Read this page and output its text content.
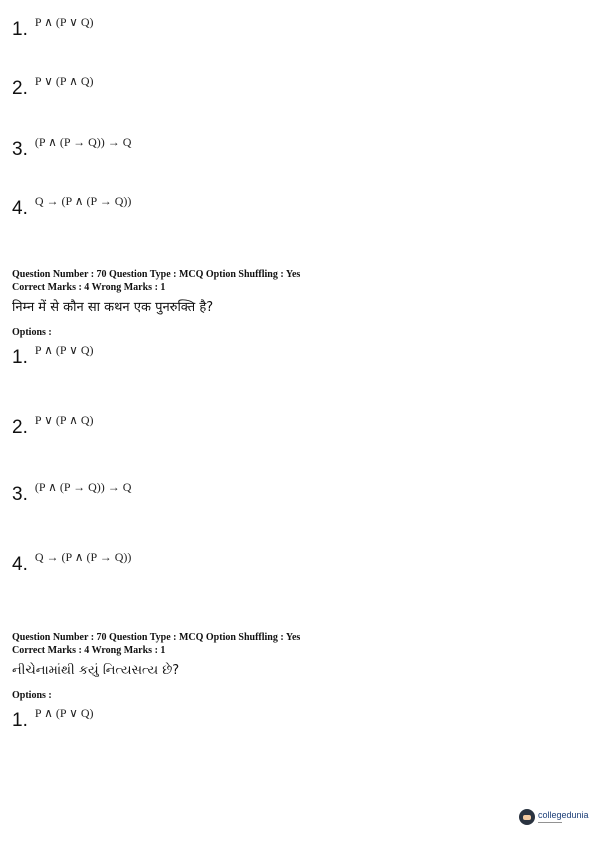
1. P ∧ (P ∨ Q)
2. P ∨ (P ∧ Q)
3. (P ∧ (P → Q)) → Q
4. Q → (P ∧ (P → Q))
Question Number : 70 Question Type : MCQ Option Shuffling : Yes
Correct Marks : 4 Wrong Marks : 1
निम्न में से कौन सा कथन एक पुनरुक्ति है?
Options :
1. P ∧ (P ∨ Q)
2. P ∨ (P ∧ Q)
3. (P ∧ (P → Q)) → Q
4. Q → (P ∧ (P → Q))
Question Number : 70 Question Type : MCQ Option Shuffling : Yes
Correct Marks : 4 Wrong Marks : 1
નીચેનામાંથી કયું નિત્યસત્ય છે?
Options :
1. P ∧ (P ∨ Q)
collegedunia
▬▬▬▬▬▬▬▬
